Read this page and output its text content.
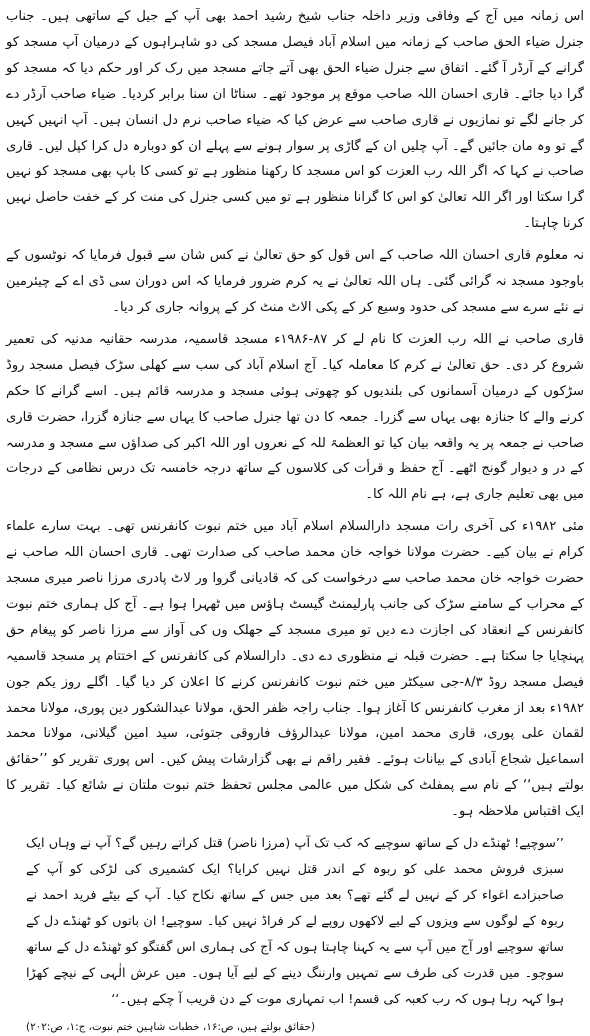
اس زمانہ میں آج کے وفاقی وزیر داخلہ جناب شیخ رشید احمد بھی آپ کے جیل کے ساتھی ہیں۔ جناب جنرل ضیاء الحق صاحب کے زمانہ میں اسلام آباد فیصل مسجد کی دو شاہراہوں کے درمیان آپ مسجد کو گرانے کے آرڈر آ گئے۔ اتفاق سے جنرل ضیاء الحق بھی آتے جاتے مسجد میں رک کر اور حکم دیا کہ مسجد کو گرا دیا جائے۔ قاری احسان اللہ صاحب موقع پر موجود تھے۔ سناٹا ان سنا برابر کردیا۔ ضیاء صاحب آرڈر دے کر جانے لگے تو نمازیوں نے قاری صاحب سے عرض کیا کہ ضیاء صاحب نرم دل انسان ہیں۔ آپ انہیں کہیں گے تو وہ مان جائیں گے۔ آپ چلیں ان کے گاڑی پر سوار ہونے سے پہلے ان کو دوبارہ دل کرا کپل لیں۔ قاری صاحب نے کہا کہ اگر اللہ رب العزت کو اس مسجد کا رکھنا منظور ہے تو کسی کا باپ بھی مسجد کو نہیں گرا سکتا اور اگر اللہ تعالیٰ کو اس کا گرانا منظور ہے تو میں کسی جنرل کی منت کر کے خفت حاصل نہیں کرنا چاہتا۔

نہ معلوم قاری احسان اللہ صاحب کے اس قول کو حق تعالیٰ نے کس شان سے قبول فرمایا کہ نوٹسوں کے باوجود مسجد نہ گرائی گئی۔ ہاں اللہ تعالیٰ نے یہ کرم ضرور فرمایا کہ اس دوران سی ڈی اے کے چیئرمین نے نئے سرے سے مسجد کی حدود وسیع کر کے پکی الاٹ منٹ کر کے پروانہ جاری کر دیا۔

قاری صاحب نے اللہ رب العزت کا نام لے کر ۸۷-۱۹۸۶ء مسجد قاسمیہ، مدرسہ حقانیہ مدنیہ کی تعمیر شروع کر دی۔ حق تعالیٰ نے کرم کا معاملہ کیا۔ آج اسلام آباد کی سب سے کھلی سڑک فیصل مسجد روڈ سڑکوں کے درمیان آسمانوں کی بلندیوں کو چھوتی ہوئی مسجد و مدرسہ قائم ہیں۔ اسے گرانے کا حکم کرنے والے کا جنازہ بھی یہاں سے گزرا۔ جمعہ کا دن تھا جنرل صاحب کا یہاں سے جنازہ گزرا، حضرت قاری صاحب نے جمعہ پر یہ واقعہ بیان کیا تو العظمۃ للہ کے نعروں اور اللہ اکبر کی صداؤں سے مسجد و مدرسہ کے در و دیوار گونج اٹھے۔ آج حفظ و قرأت کی کلاسوں کے ساتھ درجہ خامسہ تک درس نظامی کے درجات میں بھی تعلیم جاری ہے، ہے نام اللہ کا۔

مئی ۱۹۸۲ء کی آخری رات مسجد دارالسلام اسلام آباد میں ختم نبوت کانفرنس تھی۔ بہت سارے علماء کرام نے بیان کیے۔ حضرت مولانا خواجہ خان محمد صاحب کی صدارت تھی۔ قاری احسان اللہ صاحب نے حضرت خواجہ خان محمد صاحب سے درخواست کی کہ قادیانی گروا ور لاٹ پادری مرزا ناصر میری مسجد کے محراب کے سامنے سڑک کی جانب پارلیمنٹ گیسٹ ہاؤس میں ٹھہرا ہوا ہے۔ آج کل ہماری ختم نبوت کانفرنس کے انعقاد کی اجازت دے دیں تو میری مسجد کے جھلک وں کی آواز سے مرزا ناصر کو پیغام حق پہنچایا جا سکتا ہے۔ حضرت قبلہ نے منظوری دے دی۔ دارالسلام کی کانفرنس کے اختتام پر مسجد قاسمیہ فیصل مسجد روڈ ۸/۳-جی سیکٹر میں ختم نبوت کانفرنس کرنے کا اعلان کر دیا گیا۔ اگلے روز یکم جون ۱۹۸۲ء بعد از مغرب کانفرنس کا آغاز ہوا۔ جناب راجہ ظفر الحق، مولانا عبدالشکور دین پوری، مولانا محمد لقمان علی پوری، قاری محمد امین، مولانا عبدالرؤف فاروقی جتوئی، سید امین گیلانی، مولانا محمد اسماعیل شجاع آبادی کے بیانات ہوئے۔ فقیر راقم نے بھی گزارشات پیش کیں۔ اس پوری تقریر کو ’’حقائق بولتے ہیں‘‘ کے نام سے پمفلٹ کی شکل میں عالمی مجلس تحفظ ختم نبوت ملتان نے شائع کیا۔ تقریر کا ایک اقتباس ملاحظہ ہو۔

’’سوچیے! ٹھنڈے دل کے ساتھ سوچیے کہ کب تک آپ (مرزا ناصر) قتل کراتے رہیں گے؟ آپ نے وہاں ایک سبزی فروش محمد علی کو ربوہ کے اندر قتل نہیں کرایا؟ ایک کشمیری کی لڑکی کو آپ کے صاحبزادے اغواء کر کے نہیں لے گئے تھے؟ بعد میں جس کے ساتھ نکاح کیا۔ آپ کے بیٹے فرید احمد نے ربوہ کے لوگوں سے ویزوں کے لیے لاکھوں روپے لے کر فراڈ نہیں کیا۔ سوچیے! ان باتوں کو ٹھنڈے دل کے ساتھ سوچیے اور آج میں آپ سے یہ کہنا چاہتا ہوں کہ آج کی ہماری اس گفتگو کو ٹھنڈے دل کے ساتھ سوچو۔ میں قدرت کی طرف سے تمہیں وارننگ دینے کے لیے آیا ہوں۔ میں عرش الٰہی کے نیچے کھڑا ہوا کہہ رہا ہوں کہ رب کعبہ کی قسم! اب تمہاری موت کے دن قریب آ چکے ہیں۔‘‘

(حقائق بولتے ہیں، ص:۱۶، خطبات شاہین ختم نبوت، ج:۱، ص:۲۰۲)
